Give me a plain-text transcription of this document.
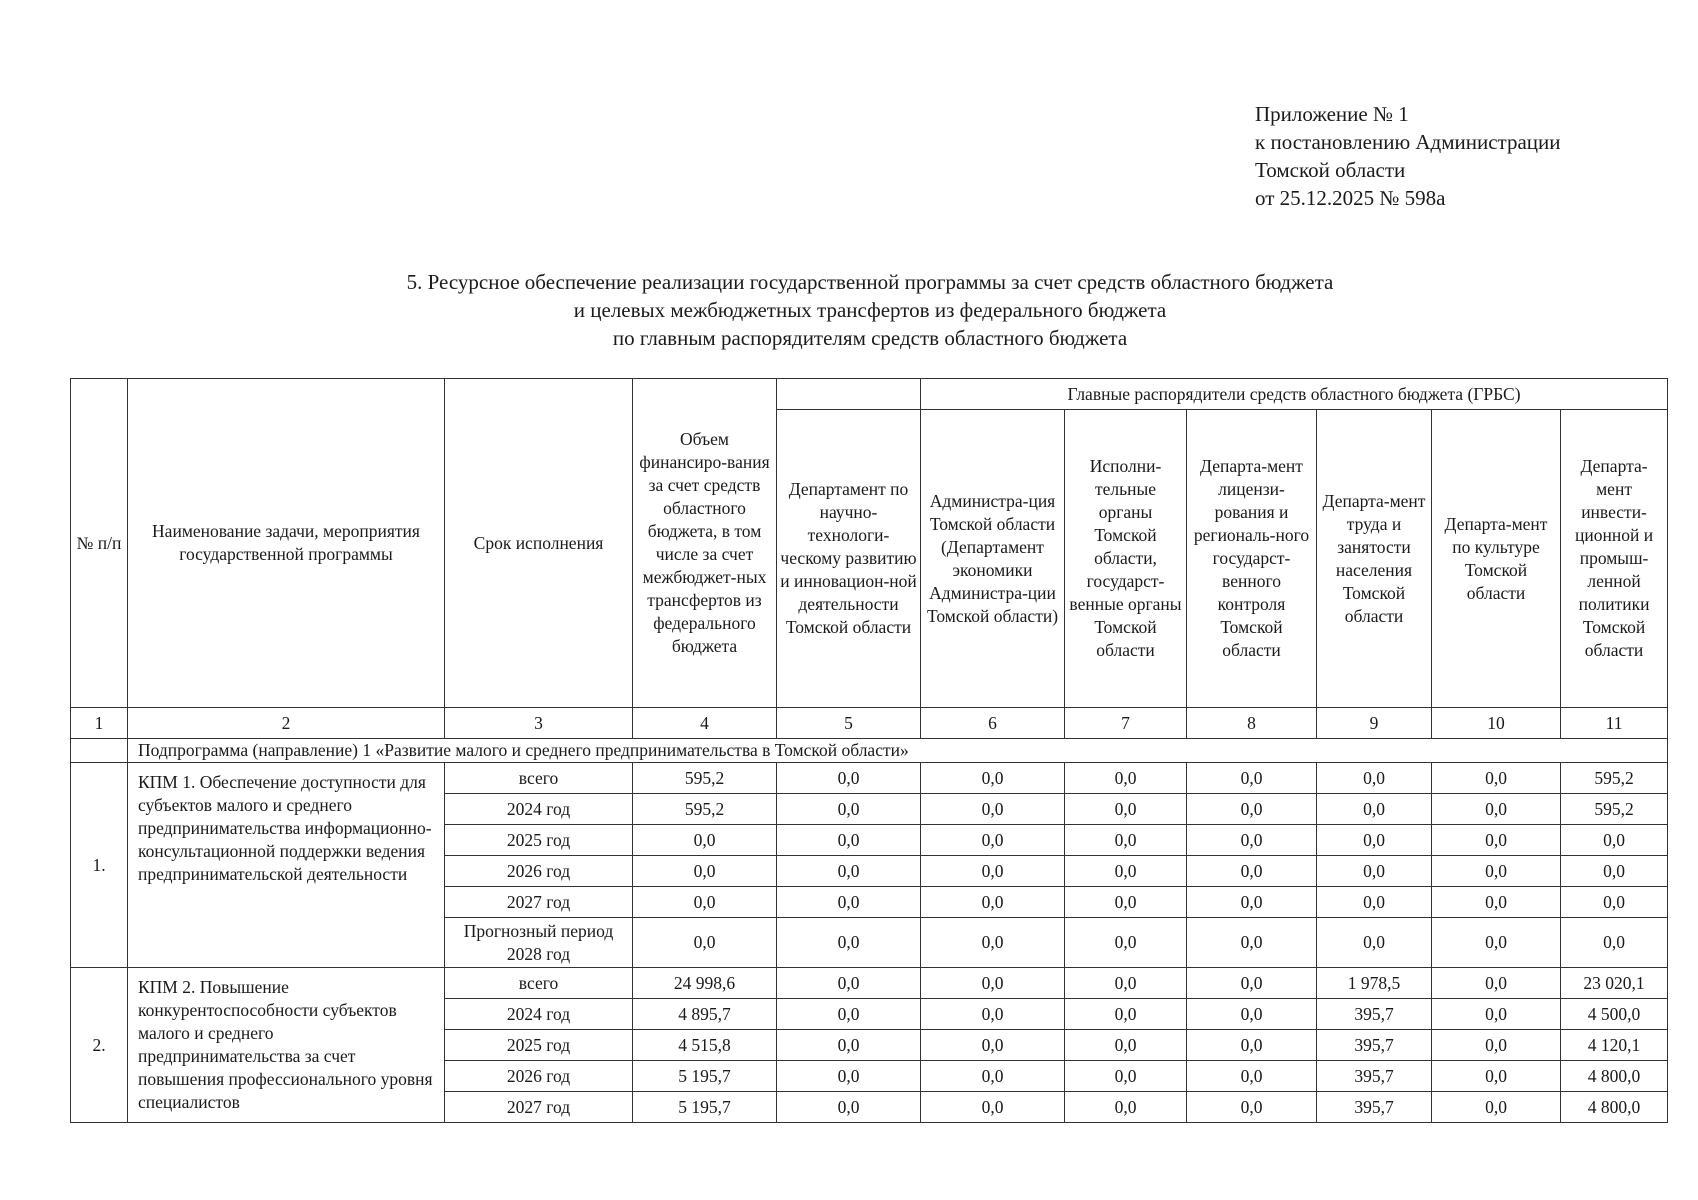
Приложение № 1
к постановлению Администрации
Томской области
от 25.12.2025 № 598а
5. Ресурсное обеспечение реализации государственной программы за счет средств областного бюджета
и целевых межбюджетных трансфертов из федерального бюджета
по главным распорядителям средств областного бюджета
№ п/п	Наименование задачи, мероприятия государственной программы	Срок исполнения	Объем финансиро-вания за счет средств областного бюджета, в том числе за счет межбюджет-ных трансфертов из федерального бюджета		Главные распорядители средств областного бюджета (ГРБС)					
				Департамент по научно-технологи-ческому развитию и инновацион-ной деятельности Томской области	Администра-ция Томской области (Департамент экономики Администра-ции Томской области)	Исполни-тельные органы Томской области, государст-венные органы Томской области	Департа-мент лицензи-рования и региональ-ного государст-венного контроля Томской области	Департа-мент труда и занятости населения Томской области	Департа-мент по культуре Томской области	Департа-мент инвести-ционной и промыш-ленной политики Томской области
1	2	3	4	5	6	7	8	9	10	11
	Подпрограмма (направление) 1 «Развитие малого и среднего предпринимательства в Томской области»									
1.	КПМ 1. Обеспечение доступности для субъектов малого и среднего предпринимательства информационно-консультационной поддержки ведения предпринимательской деятельности	всего	595,2	0,0	0,0	0,0	0,0	0,0	0,0	595,2
		2024 год	595,2	0,0	0,0	0,0	0,0	0,0	0,0	595,2
		2025 год	0,0	0,0	0,0	0,0	0,0	0,0	0,0	0,0
		2026 год	0,0	0,0	0,0	0,0	0,0	0,0	0,0	0,0
		2027 год	0,0	0,0	0,0	0,0	0,0	0,0	0,0	0,0
		Прогнозный период 2028 год	0,0	0,0	0,0	0,0	0,0	0,0	0,0	0,0
2.	КПМ 2. Повышение конкурентоспособности субъектов малого и среднего предпринимательства за счет повышения профессионального уровня специалистов	всего	24 998,6	0,0	0,0	0,0	0,0	1 978,5	0,0	23 020,1
		2024 год	4 895,7	0,0	0,0	0,0	0,0	395,7	0,0	4 500,0
		2025 год	4 515,8	0,0	0,0	0,0	0,0	395,7	0,0	4 120,1
		2026 год	5 195,7	0,0	0,0	0,0	0,0	395,7	0,0	4 800,0
		2027 год	5 195,7	0,0	0,0	0,0	0,0	395,7	0,0	4 800,0
